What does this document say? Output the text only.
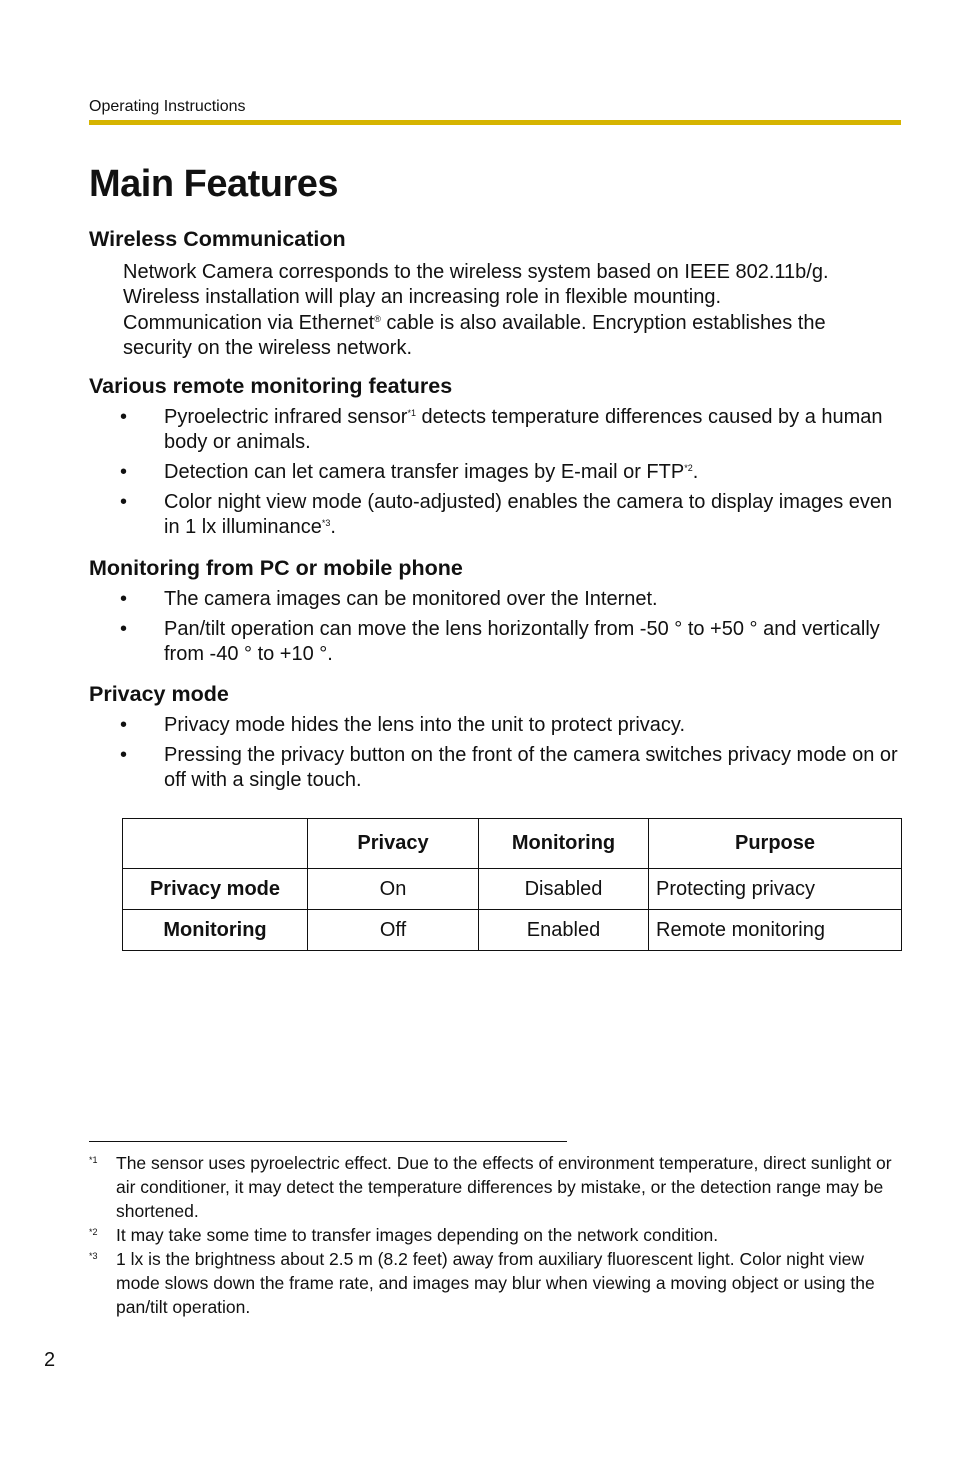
Operating Instructions
Main Features
Wireless Communication
Network Camera corresponds to the wireless system based on IEEE 802.11b/g.
Wireless installation will play an increasing role in flexible mounting.
Communication via Ethernet® cable is also available. Encryption establishes the
security on the wireless network.
Various remote monitoring features
• Pyroelectric infrared sensor$^{*1}$ detects temperature differences caused by a human body or animals.
• Detection can let camera transfer images by E-mail or FTP$^{*2}$.
• Color night view mode (auto-adjusted) enables the camera to display images even in 1 lx illuminance$^{*3}$.
Monitoring from PC or mobile phone
• The camera images can be monitored over the Internet.
• Pan/tilt operation can move the lens horizontally from -50 ° to +50 ° and vertically from -40 ° to +10 °.
Privacy mode
• Privacy mode hides the lens into the unit to protect privacy.
• Pressing the privacy button on the front of the camera switches privacy mode on or off with a single touch.
	Privacy	Monitoring	Purpose
Privacy mode	On	Disabled	Protecting privacy
Monitoring	Off	Enabled	Remote monitoring
*1 The sensor uses pyroelectric effect. Due to the effects of environment temperature, direct sunlight or air conditioner, it may detect the temperature differences by mistake, or the detection range may be shortened.
*2 It may take some time to transfer images depending on the network condition.
*3 1 lx is the brightness about 2.5 m (8.2 feet) away from auxiliary fluorescent light. Color night view mode slows down the frame rate, and images may blur when viewing a moving object or using the pan/tilt operation.
2
